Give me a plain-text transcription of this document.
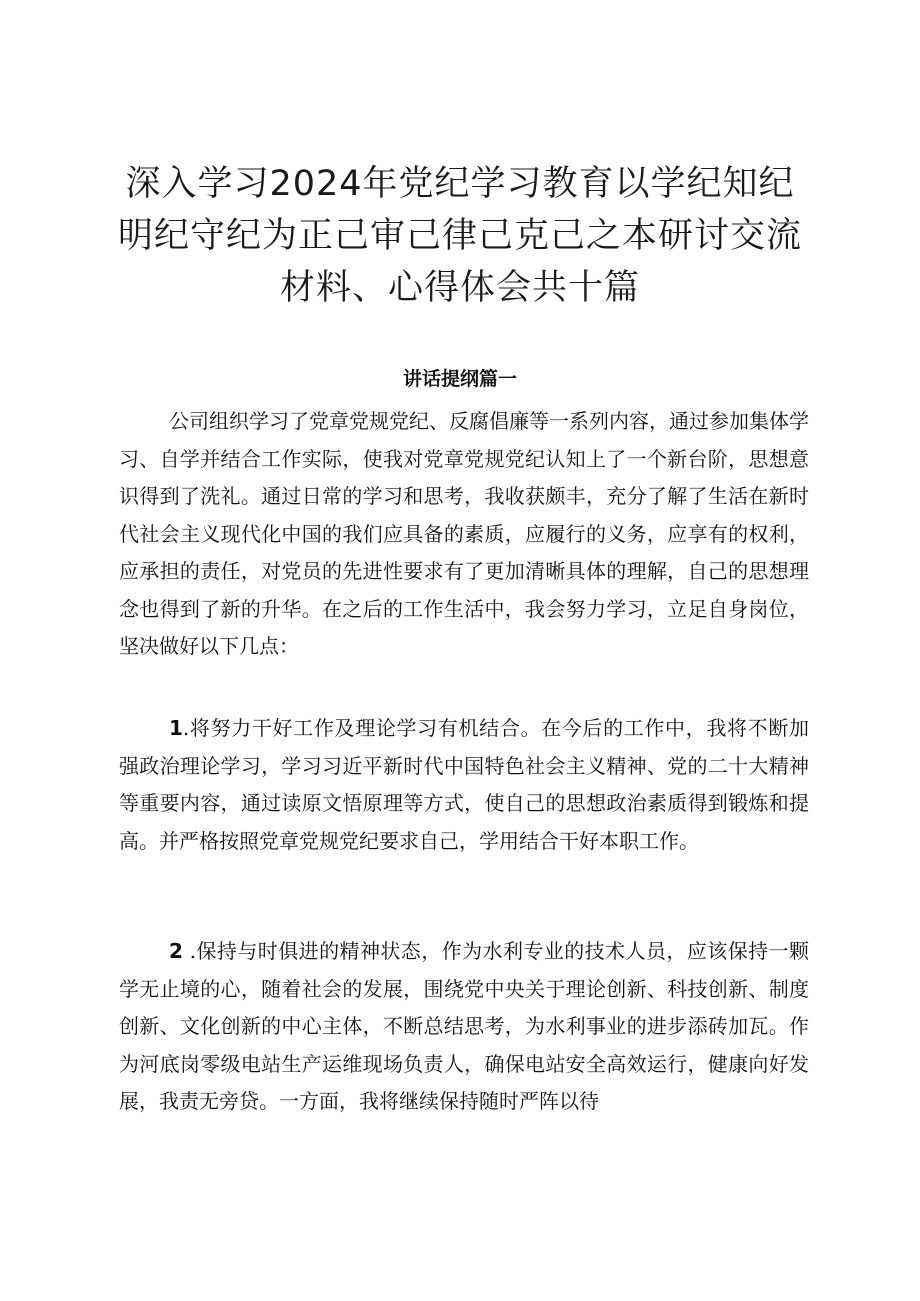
深入学习2024年党纪学习教育以学纪知纪明纪守纪为正己审己律己克己之本研讨交流材料、心得体会共十篇
讲话提纲篇一

公司组织学习了党章党规党纪、反腐倡廉等一系列内容，通过参加集体学习、自学并结合工作实际，使我对党章党规党纪认知上了一个新台阶，思想意识得到了洗礼。通过日常的学习和思考，我收获颇丰，充分了解了生活在新时代社会主义现代化中国的我们应具备的素质，应履行的义务，应享有的权利，应承担的责任，对党员的先进性要求有了更加清晰具体的理解，自己的思想理念也得到了新的升华。在之后的工作生活中，我会努力学习，立足自身岗位，坚决做好以下几点：

1.将努力干好工作及理论学习有机结合。在今后的工作中，我将不断加强政治理论学习，学习习近平新时代中国特色社会主义精神、党的二十大精神等重要内容，通过读原文悟原理等方式，使自己的思想政治素质得到锻炼和提高。并严格按照党章党规党纪要求自己，学用结合干好本职工作。

2 .保持与时俱进的精神状态，作为水利专业的技术人员，应该保持一颗学无止境的心，随着社会的发展，围绕党中央关于理论创新、科技创新、制度创新、文化创新的中心主体，不断总结思考，为水利事业的进步添砖加瓦。作为河底岗零级电站生产运维现场负责人，确保电站安全高效运行，健康向好发展，我责无旁贷。一方面，我将继续保持随时严阵以待
